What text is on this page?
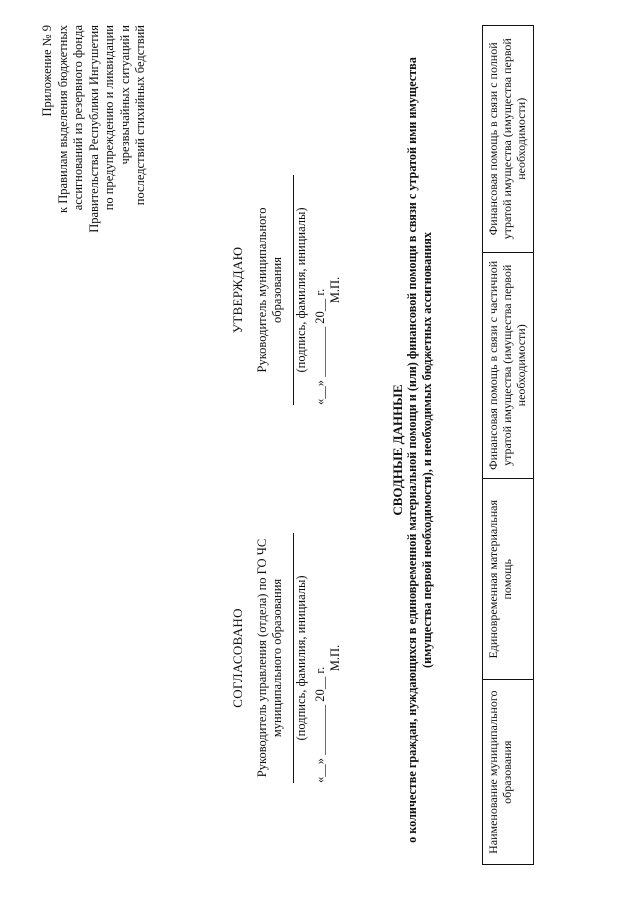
Приложение № 9 к Правилам выделения бюджетных ассигнований из резервного фонда Правительства Республики Ингушетия по предупреждению и ликвидации чрезвычайных ситуаций и последствий стихийных бедствий
СОГЛАСОВАНО Руководитель управления (отдела) по ГО ЧС муниципального образования (подпись, фамилия, инициалы) «__» ________ 20__ г.
М.П.
УТВЕРЖДАЮ Руководитель муниципального образования (подпись, фамилия, инициалы) «__» ________ 20__ г. М.П.
СВОДНЫЕ ДАННЫЕ о количестве граждан, нуждающихся в единовременной материальной помощи и (или) финансовой помощи в связи с утратой ими имущества (имущества первой необходимости), и необходимых бюджетных ассигнованиях
Наименование муниципального образования	Единовременная материальная помощь	Финансовая помощь в связи с частичной утратой имущества (имущества первой необходимости)	Финансовая помощь в связи с полной утратой имущества (имущества первой необходимости)
